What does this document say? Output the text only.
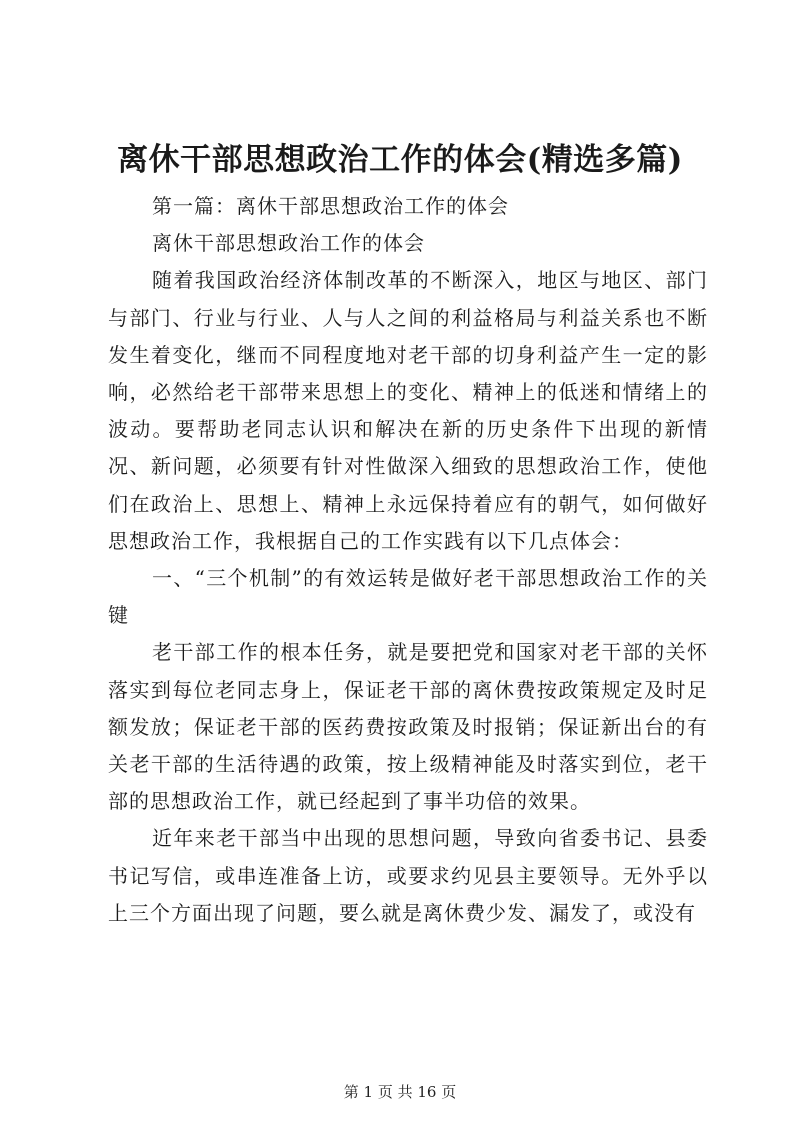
离休干部思想政治工作的体会(精选多篇)

第一篇：离休干部思想政治工作的体会

离休干部思想政治工作的体会

随着我国政治经济体制改革的不断深入，地区与地区、部门与部门、行业与行业、人与人之间的利益格局与利益关系也不断发生着变化，继而不同程度地对老干部的切身利益产生一定的影响，必然给老干部带来思想上的变化、精神上的低迷和情绪上的波动。要帮助老同志认识和解决在新的历史条件下出现的新情况、新问题，必须要有针对性做深入细致的思想政治工作，使他们在政治上、思想上、精神上永远保持着应有的朝气，如何做好思想政治工作，我根据自己的工作实践有以下几点体会：

一、“三个机制”的有效运转是做好老干部思想政治工作的关键

老干部工作的根本任务，就是要把党和国家对老干部的关怀落实到每位老同志身上，保证老干部的离休费按政策规定及时足额发放；保证老干部的医药费按政策及时报销；保证新出台的有关老干部的生活待遇的政策，按上级精神能及时落实到位，老干部的思想政治工作，就已经起到了事半功倍的效果。

近年来老干部当中出现的思想问题，导致向省委书记、县委书记写信，或串连准备上访，或要求约见县主要领导。无外乎以上三个方面出现了问题，要么就是离休费少发、漏发了，或没有

第 1 页 共 16 页
